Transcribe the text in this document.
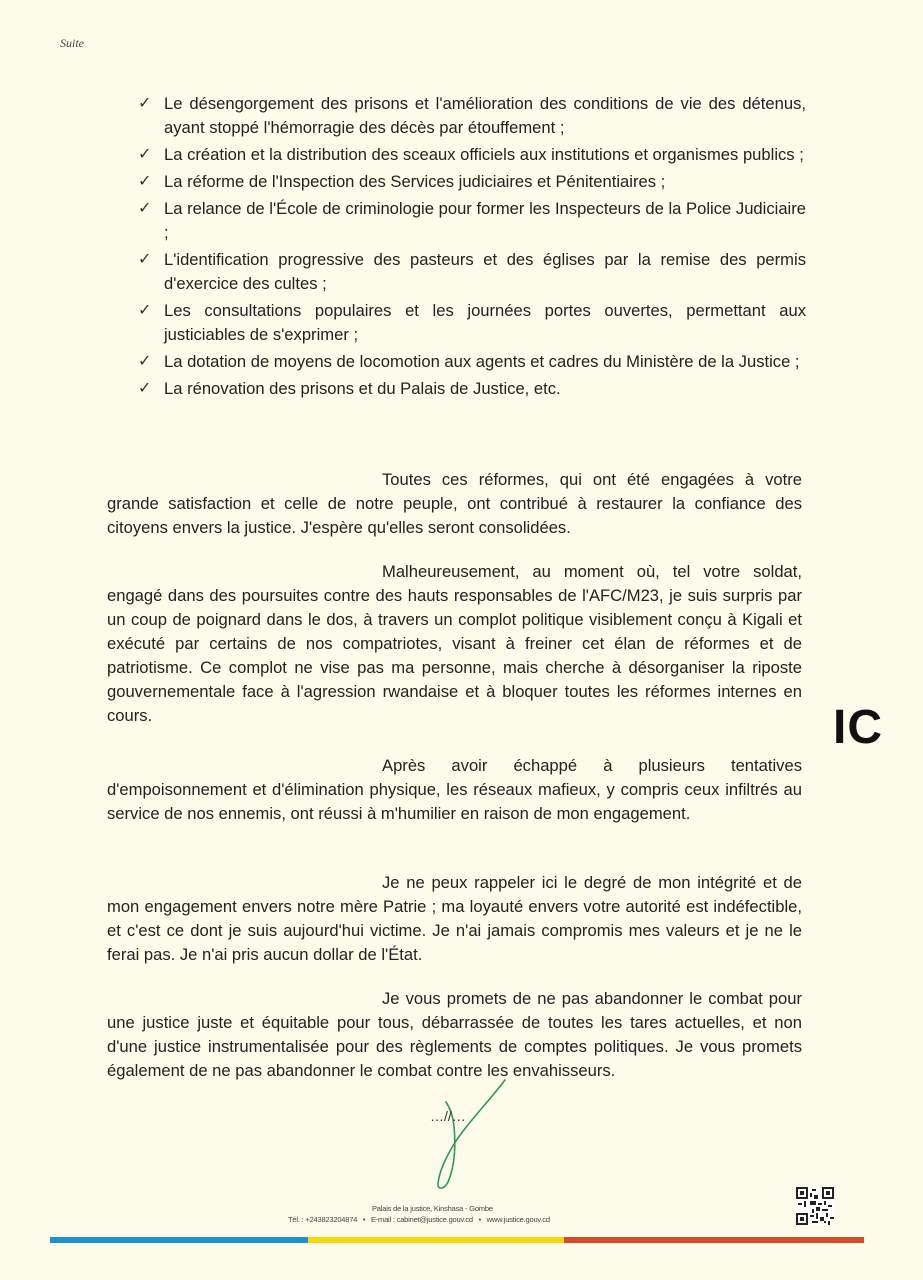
Suite
✓ Le désengorgement des prisons et l'amélioration des conditions de vie des détenus, ayant stoppé l'hémorragie des décès par étouffement ;
✓ La création et la distribution des sceaux officiels aux institutions et organismes publics ;
✓ La réforme de l'Inspection des Services judiciaires et Pénitentiaires ;
✓ La relance de l'École de criminologie pour former les Inspecteurs de la Police Judiciaire ;
✓ L'identification progressive des pasteurs et des églises par la remise des permis d'exercice des cultes ;
✓ Les consultations populaires et les journées portes ouvertes, permettant aux justiciables de s'exprimer ;
✓ La dotation de moyens de locomotion aux agents et cadres du Ministère de la Justice ;
✓ La rénovation des prisons et du Palais de Justice, etc.

Toutes ces réformes, qui ont été engagées à votre grande satisfaction et celle de notre peuple, ont contribué à restaurer la confiance des citoyens envers la justice. J'espère qu'elles seront consolidées.

Malheureusement, au moment où, tel votre soldat, engagé dans des poursuites contre des hauts responsables de l'AFC/M23, je suis surpris par un coup de poignard dans le dos, à travers un complot politique visiblement conçu à Kigali et exécuté par certains de nos compatriotes, visant à freiner cet élan de réformes et de patriotisme. Ce complot ne vise pas ma personne, mais cherche à désorganiser la riposte gouvernementale face à l'agression rwandaise et à bloquer toutes les réformes internes en cours.

Après avoir échappé à plusieurs tentatives d'empoisonnement et d'élimination physique, les réseaux mafieux, y compris ceux infiltrés au service de nos ennemis, ont réussi à m'humilier en raison de mon engagement.

Je ne peux rappeler ici le degré de mon intégrité et de mon engagement envers notre mère Patrie ; ma loyauté envers votre autorité est indéfectible, et c'est ce dont je suis aujourd'hui victime. Je n'ai jamais compromis mes valeurs et je ne le ferai pas. Je n'ai pris aucun dollar de l'État.

Je vous promets de ne pas abandonner le combat pour une justice juste et équitable pour tous, débarrassée de toutes les tares actuelles, et non d'une justice instrumentalisée pour des règlements de comptes politiques. Je vous promets également de ne pas abandonner le combat contre les envahisseurs.

IC
…//…
Palais de la justice, Kinshasa - Gombe
Tél. : +243823204874 • E-mail : cabinet@justice.gouv.cd • www.justice.gouv.cd
